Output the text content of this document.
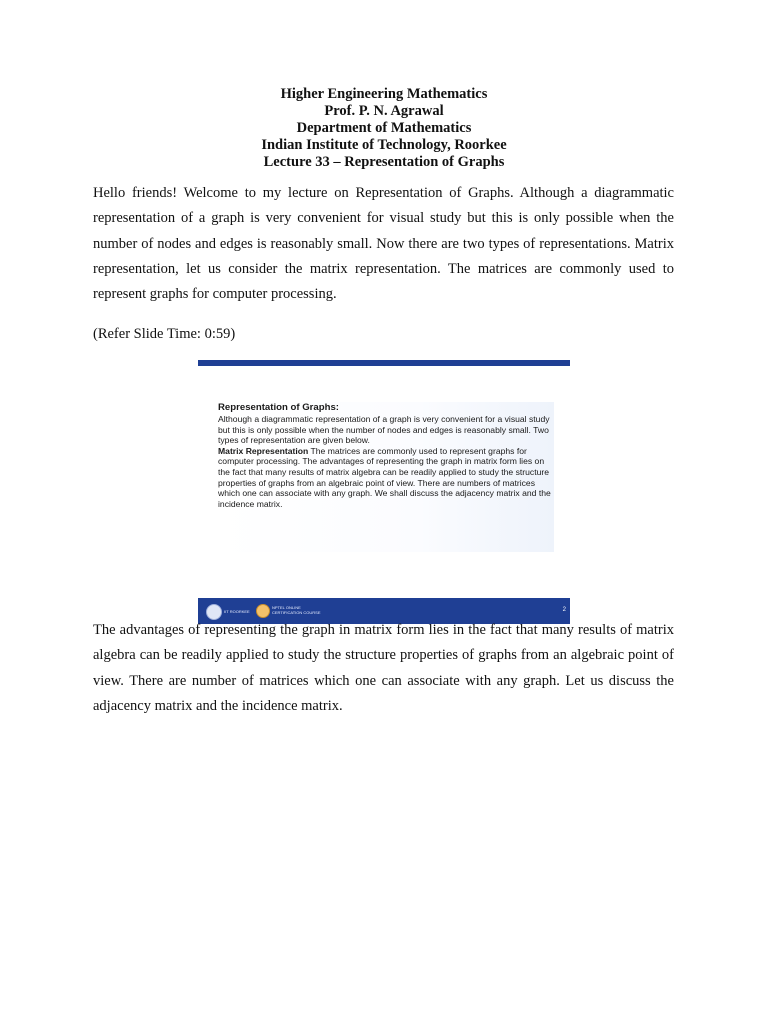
Higher Engineering Mathematics
Prof. P. N. Agrawal
Department of Mathematics
Indian Institute of Technology, Roorkee
Lecture 33 – Representation of Graphs

Hello friends! Welcome to my lecture on Representation of Graphs. Although a diagrammatic representation of a graph is very convenient for visual study but this is only possible when the number of nodes and edges is reasonably small. Now there are two types of representations. Matrix representation, let us consider the matrix representation. The matrices are commonly used to represent graphs for computer processing.

(Refer Slide Time: 0:59)

Representation of Graphs:

Although a diagrammatic representation of a graph is very convenient for a visual study but this is only possible when the number of nodes and edges is reasonably small. Two types of representation are given below.

Matrix Representation The matrices are commonly used to represent graphs for computer processing. The advantages of representing the graph in matrix form lies on the fact that many results of matrix algebra can be readily applied to study the structure properties of graphs from an algebraic point of view. There are numbers of matrices which one can associate with any graph. We shall discuss the adjacency matrix and the incidence matrix.

IIT ROORKEE
NPTEL ONLINE
CERTIFICATION COURSE	2

The advantages of representing the graph in matrix form lies in the fact that many results of matrix algebra can be readily applied to study the structure properties of graphs from an algebraic point of view. There are number of matrices which one can associate with any graph. Let us discuss the adjacency matrix and the incidence matrix.
